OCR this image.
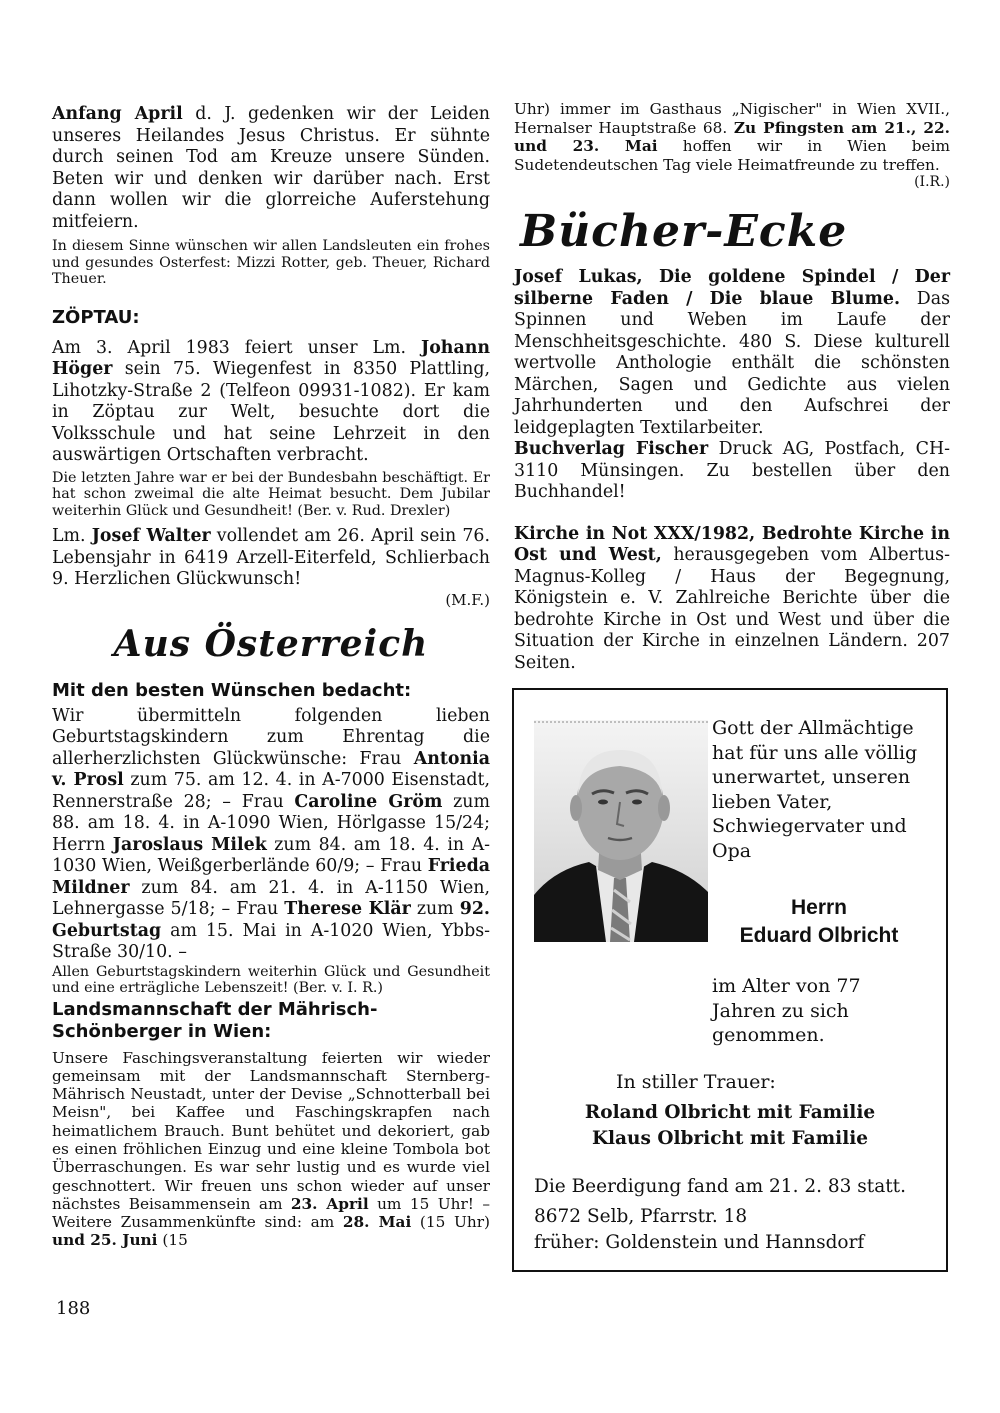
Anfang April d. J. gedenken wir der Leiden unseres Heilandes Jesus Christus. Er sühnte durch seinen Tod am Kreuze unsere Sünden. Beten wir und denken wir darüber nach. Erst dann wollen wir die glorreiche Auferstehung mitfeiern.

In diesem Sinne wünschen wir allen Landsleuten ein frohes und gesundes Osterfest: Mizzi Rotter, geb. Theuer, Richard Theuer.

ZÖPTAU:

Am 3. April 1983 feiert unser Lm. Johann Höger sein 75. Wiegenfest in 8350 Plattling, Lihotzky-Straße 2 (Telfeon 09931-1082). Er kam in Zöptau zur Welt, besuchte dort die Volksschule und hat seine Lehrzeit in den auswärtigen Ortschaften verbracht.

Die letzten Jahre war er bei der Bundesbahn beschäftigt. Er hat schon zweimal die alte Heimat besucht. Dem Jubilar weiterhin Glück und Gesundheit! (Ber. v. Rud. Drexler)

Lm. Josef Walter vollendet am 26. April sein 76. Lebensjahr in 6419 Arzell-Eiterfeld, Schlierbach 9. Herzlichen Glückwunsch!

(M.F.)

Aus Österreich

Mit den besten Wünschen bedacht:

Wir übermitteln folgenden lieben Geburtstagskindern zum Ehrentag die allerherzlichsten Glückwünsche: Frau Antonia v. Prosl zum 75. am 12. 4. in A-7000 Eisenstadt, Rennerstraße 28; – Frau Caroline Gröm zum 88. am 18. 4. in A-1090 Wien, Hörlgasse 15/24; Herrn Jaroslaus Milek zum 84. am 18. 4. in A-1030 Wien, Weißgerberlände 60/9; – Frau Frieda Mildner zum 84. am 21. 4. in A-1150 Wien, Lehnergasse 5/18; – Frau Therese Klär zum 92. Geburtstag am 15. Mai in A-1020 Wien, Ybbs-Straße 30/10. –

Allen Geburtstagskindern weiterhin Glück und Gesundheit und eine erträgliche Lebenszeit! (Ber. v. I. R.)

Landsmannschaft der Mährisch-Schönberger in Wien:

Unsere Faschingsveranstaltung feierten wir wieder gemeinsam mit der Landsmannschaft Sternberg-Mährisch Neustadt, unter der Devise „Schnotterball bei Meisn", bei Kaffee und Faschingskrapfen nach heimatlichem Brauch. Bunt behütet und dekoriert, gab es einen fröhlichen Einzug und eine kleine Tombola bot Überraschungen. Es war sehr lustig und es wurde viel geschnottert. Wir freuen uns schon wieder auf unser nächstes Beisammensein am 23. April um 15 Uhr! – Weitere Zusammenkünfte sind: am 28. Mai (15 Uhr) und 25. Juni (15

Uhr) immer im Gasthaus „Nigischer" in Wien XVII., Hernalser Hauptstraße 68. Zu Pfingsten am 21., 22. und 23. Mai hoffen wir in Wien beim Sudetendeutschen Tag viele Heimatfreunde zu treffen.

(I.R.)

Bücher-Ecke

Josef Lukas, Die goldene Spindel / Der silberne Faden / Die blaue Blume. Das Spinnen und Weben im Laufe der Menschheitsgeschichte. 480 S. Diese kulturell wertvolle Anthologie enthält die schönsten Märchen, Sagen und Gedichte aus vielen Jahrhunderten und den Aufschrei der leidgeplagten Textilarbeiter.

Buchverlag Fischer Druck AG, Postfach, CH-3110 Münsingen. Zu bestellen über den Buchhandel!

Kirche in Not XXX/1982, Bedrohte Kirche in Ost und West, herausgegeben vom Albertus-Magnus-Kolleg / Haus der Begegnung, Königstein e. V. Zahlreiche Berichte über die bedrohte Kirche in Ost und West und über die Situation der Kirche in einzelnen Ländern. 207 Seiten.

Gott der Allmächtige hat für uns alle völlig unerwartet, unseren lieben Vater, Schwiegervater und Opa
Herrn
Eduard Olbricht
im Alter von 77 Jahren zu sich genommen.
In stiller Trauer:
Roland Olbricht mit Familie
Klaus Olbricht mit Familie
Die Beerdigung fand am 21. 2. 83 statt.
8672 Selb, Pfarrstr. 18
früher: Goldenstein und Hannsdorf
188
